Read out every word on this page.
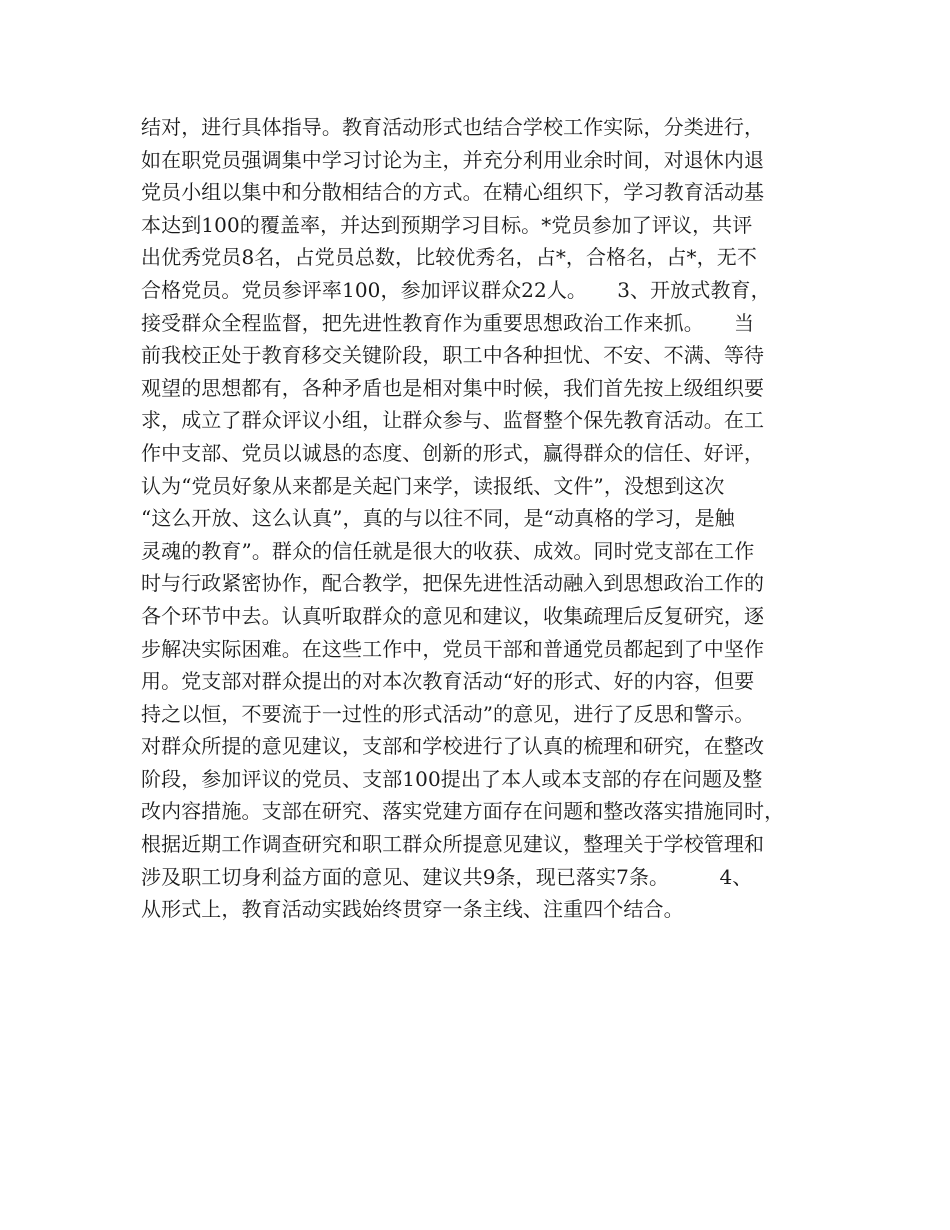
结对，进行具体指导。教育活动形式也结合学校工作实际，分类进行，
如在职党员强调集中学习讨论为主，并充分利用业余时间，对退休内退
党员小组以集中和分散相结合的方式。在精心组织下，学习教育活动基
本达到100的覆盖率，并达到预期学习目标。*党员参加了评议，共评
出优秀党员8名，占党员总数，比较优秀名，占*，合格名，占*，无不
合格党员。党员参评率100，参加评议群众22人。　　3、开放式教育，
接受群众全程监督，把先进性教育作为重要思想政治工作来抓。　　当
前我校正处于教育移交关键阶段，职工中各种担忧、不安、不满、等待
观望的思想都有，各种矛盾也是相对集中时候，我们首先按上级组织要
求，成立了群众评议小组，让群众参与、监督整个保先教育活动。在工
作中支部、党员以诚恳的态度、创新的形式，赢得群众的信任、好评，
认为“党员好象从来都是关起门来学，读报纸、文件”，没想到这次
“这么开放、这么认真”，真的与以往不同，是“动真格的学习，是触
灵魂的教育”。群众的信任就是很大的收获、成效。同时党支部在工作
时与行政紧密协作，配合教学，把保先进性活动融入到思想政治工作的
各个环节中去。认真听取群众的意见和建议，收集疏理后反复研究，逐
步解决实际困难。在这些工作中，党员干部和普通党员都起到了中坚作
用。党支部对群众提出的对本次教育活动“好的形式、好的内容，但要
持之以恒，不要流于一过性的形式活动”的意见，进行了反思和警示。
对群众所提的意见建议，支部和学校进行了认真的梳理和研究，在整改
阶段，参加评议的党员、支部100提出了本人或本支部的存在问题及整
改内容措施。支部在研究、落实党建方面存在问题和整改落实措施同时，
根据近期工作调查研究和职工群众所提意见建议，整理关于学校管理和
涉及职工切身利益方面的意见、建议共9条，现已落实7条。　　　4、
从形式上，教育活动实践始终贯穿一条主线、注重四个结合。
